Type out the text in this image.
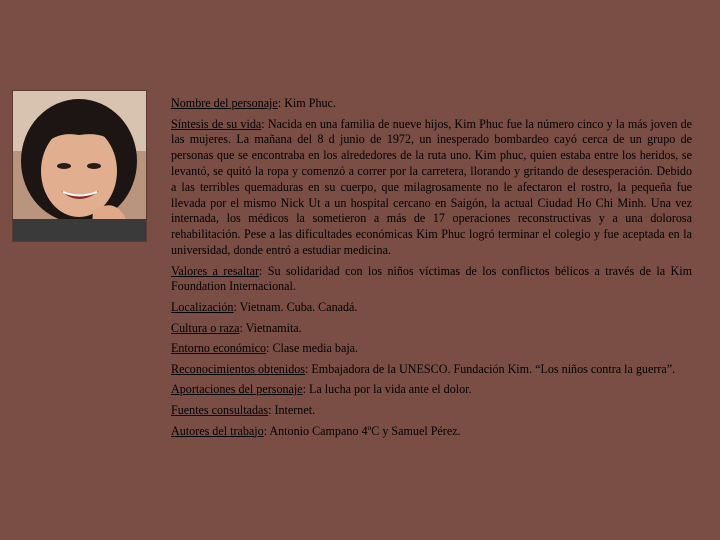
Nombre del personaje: Kim Phuc.

Síntesis de su vida: Nacida en una familia de nueve hijos, Kim Phuc fue la número cinco y la más joven de las mujeres. La mañana del 8 d junio de 1972, un inesperado bombardeo cayó cerca de un grupo de personas que se encontraba en los alrededores de la ruta uno. Kim phuc, quien estaba entre los heridos, se levantó, se quitó la ropa y comenzó a correr por la carretera, llorando y gritando de desesperación. Debido a las terribles quemaduras en su cuerpo, que milagrosamente no le afectaron el rostro, la pequeña fue llevada por el mismo Nick Ut a un hospital cercano en Saigón, la actual Ciudad Ho Chi Minh. Una vez internada, los médicos la sometieron a más de 17 operaciones reconstructivas y a una dolorosa rehabilitación. Pese a las dificultades económicas Kim Phuc logró terminar el colegio y fue aceptada en la universidad, donde entró a estudiar medicina.

Valores a resaltar: Su solidaridad con los niños víctimas de los conflictos bélicos a través de la Kim Foundation Internacional.

Localización: Vietnam. Cuba. Canadá.

Cultura o raza: Vietnamita.

Entorno económico: Clase media baja.

Reconocimientos obtenidos: Embajadora de la UNESCO. Fundación Kim. “Los niños contra la guerra”.

Aportaciones del personaje: La lucha por la vida ante el dolor.

Fuentes consultadas: Internet.

Autores del trabajo: Antonio Campano 4ºC y Samuel Pérez.
